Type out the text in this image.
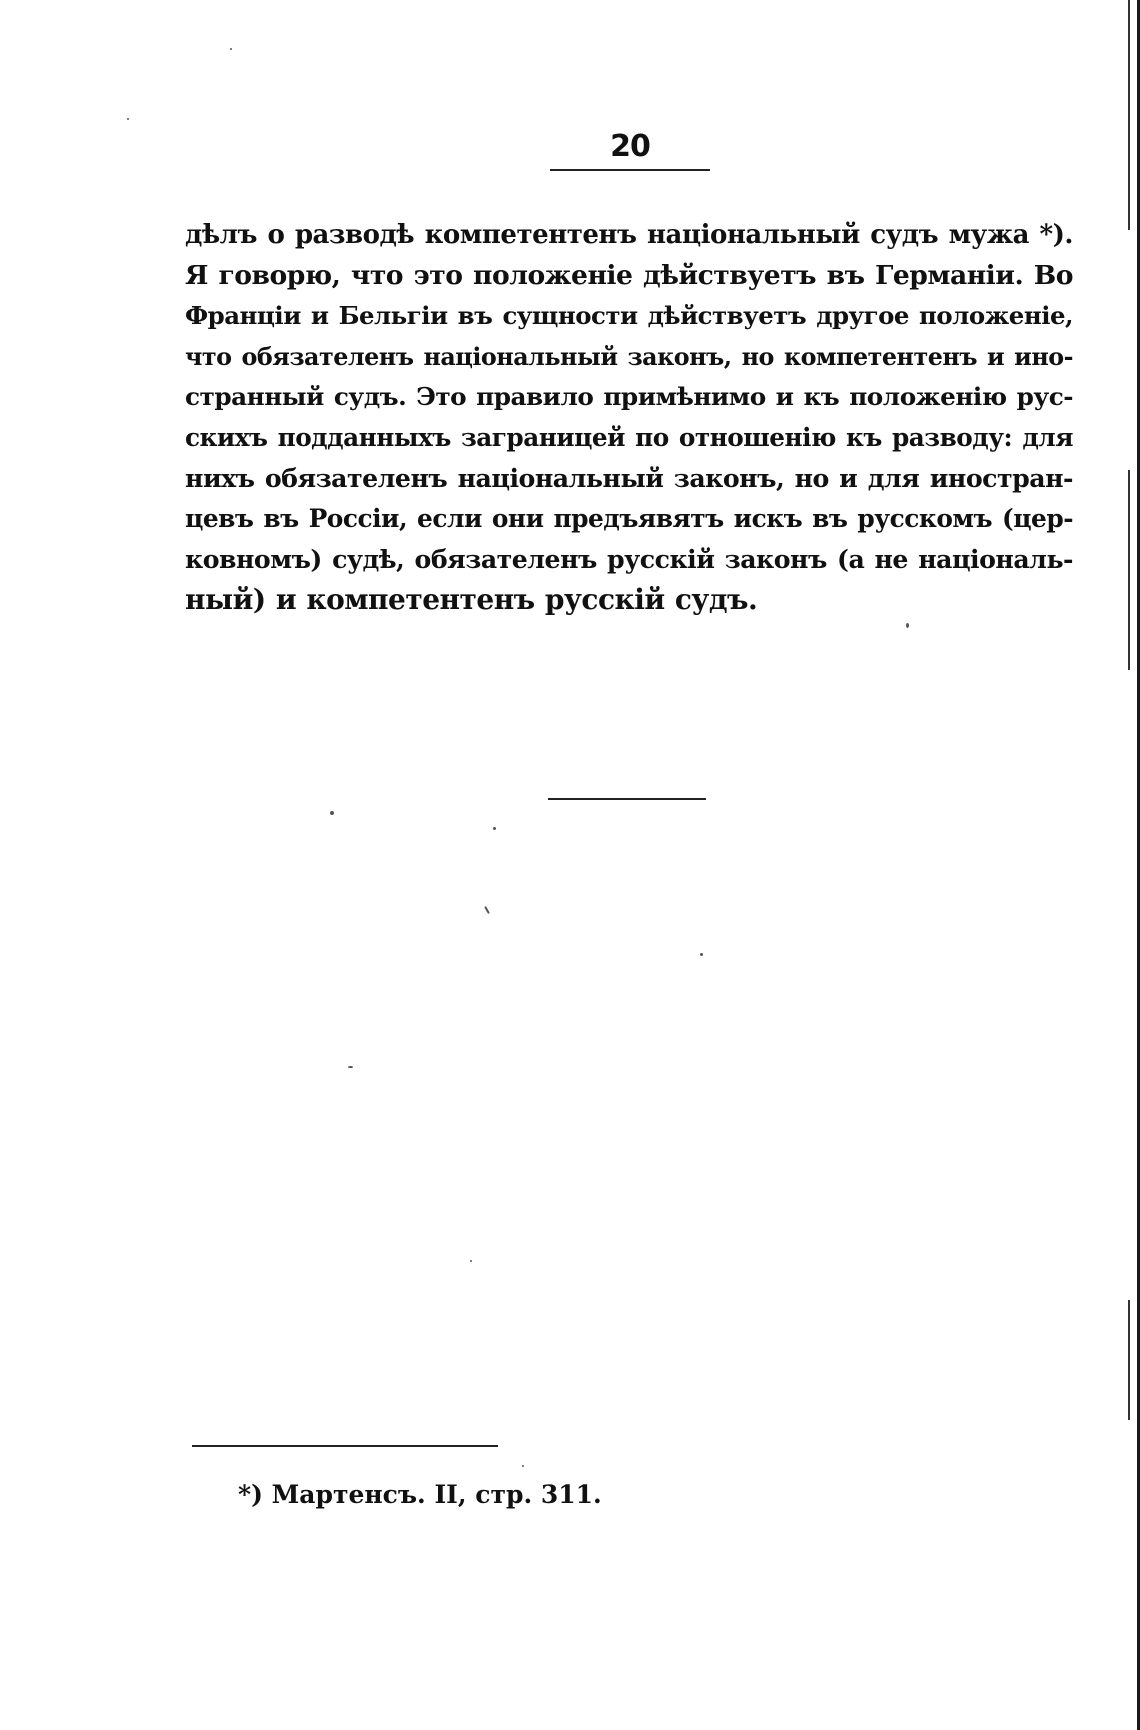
20
дѣлъ о разводѣ компетентенъ національный судъ мужа *).
Я говорю, что это положеніе дѣйствуетъ въ Германіи. Во
Франціи и Бельгіи въ сущности дѣйствуетъ другое положеніе,
что обязателенъ національный законъ, но компетентенъ и ино-
странный судъ. Это правило примѣнимо и къ положенію рус-
скихъ подданныхъ заграницей по отношенію къ разводу: для
нихъ обязателенъ національный законъ, но и для иностран-
цевъ въ Россіи, если они предъявятъ искъ въ русскомъ (цер-
ковномъ) судѣ, обязателенъ русскій законъ (а не національ-
ный) и компетентенъ русскій судъ.
*) Мартенсъ. II, стр. 311.
